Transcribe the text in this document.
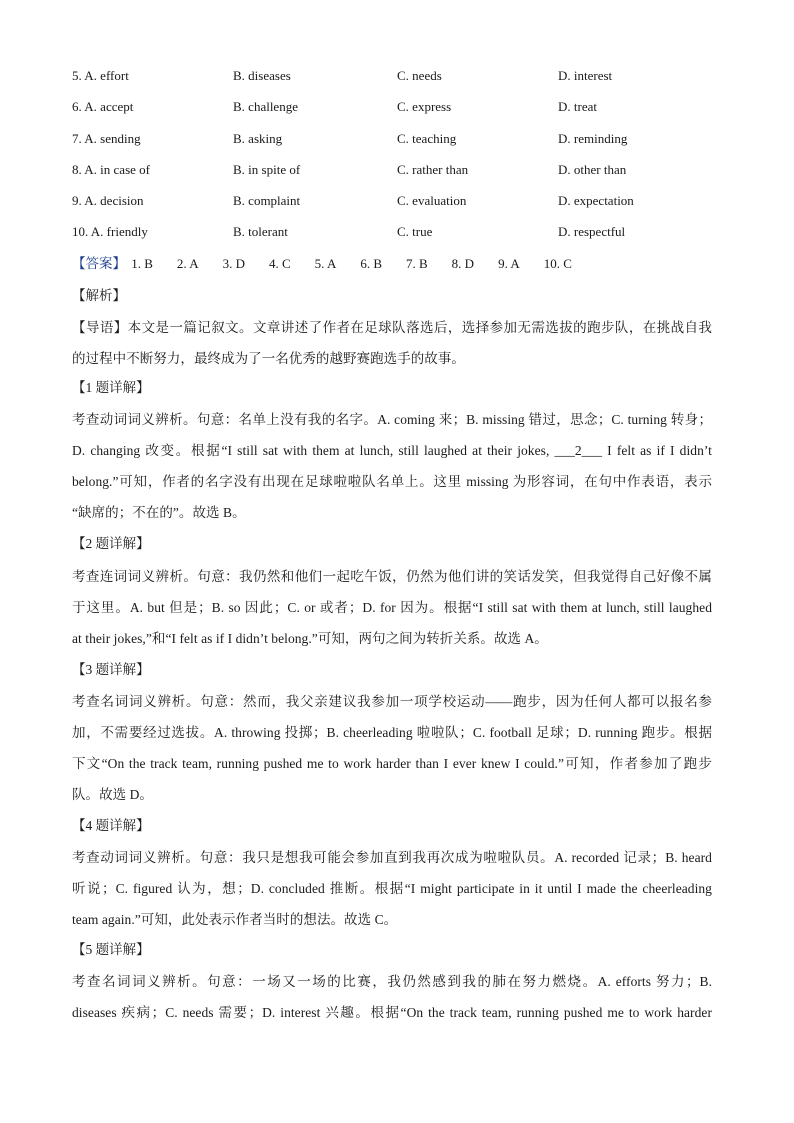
5. A. effort	B. diseases	C. needs	D. interest
6. A. accept	B. challenge	C. express	D. treat
7. A. sending	B. asking	C. teaching	D. reminding
8. A. in case of	B. in spite of	C. rather than	D. other than
9. A. decision	B. complaint	C. evaluation	D. expectation
10. A. friendly	B. tolerant	C. true	D. respectful
【答案】 1. B 2. A 3. D 4. C 5. A 6. B 7. B 8. D 9. A 10. C
【解析】
【导语】本文是一篇记叙文。文章讲述了作者在足球队落选后，选择参加无需选拔的跑步队，在挑战自我
的过程中不断努力，最终成为了一名优秀的越野赛跑选手的故事。
【1 题详解】
考查动词词义辨析。句意：名单上没有我的名字。A. coming 来；B. missing 错过，思念；C. turning 转身；
D. changing 改变。根据“I still sat with them at lunch, still laughed at their jokes, ___2___ I felt as if I didn’t
belong.”可知，作者的名字没有出现在足球啦啦队名单上。这里 missing 为形容词，在句中作表语，表示
“缺席的；不在的”。故选 B。
【2 题详解】
考查连词词义辨析。句意：我仍然和他们一起吃午饭，仍然为他们讲的笑话发笑，但我觉得自己好像不属
于这里。A. but 但是；B. so 因此；C. or 或者；D. for 因为。根据“I still sat with them at lunch, still laughed
at their jokes,”和“I felt as if I didn’t belong.”可知，两句之间为转折关系。故选 A。
【3 题详解】
考查名词词义辨析。句意：然而，我父亲建议我参加一项学校运动——跑步，因为任何人都可以报名参
加，不需要经过选拔。A. throwing 投掷；B. cheerleading 啦啦队；C. football 足球；D. running 跑步。根据
下文“On the track team, running pushed me to work harder than I ever knew I could.”可知，作者参加了跑步
队。故选 D。
【4 题详解】
考查动词词义辨析。句意：我只是想我可能会参加直到我再次成为啦啦队员。A. recorded 记录；B. heard
听说；C. figured 认为，想；D. concluded 推断。根据“I might participate in it until I made the cheerleading
team again.”可知，此处表示作者当时的想法。故选 C。
【5 题详解】
考查名词词义辨析。句意：一场又一场的比赛，我仍然感到我的肺在努力燃烧。A. efforts 努力；B.
diseases 疾病；C. needs 需要；D. interest 兴趣。根据“On the track team, running pushed me to work harder
